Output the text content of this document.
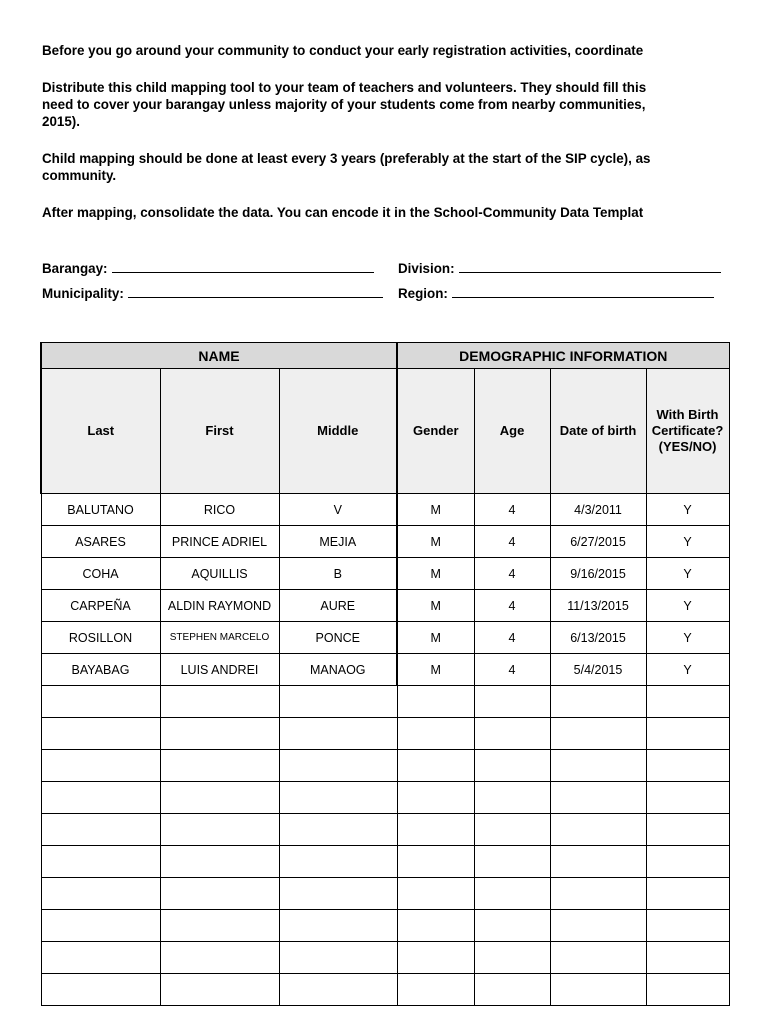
Before you go around your community to conduct your early registration activities, coordinate

Distribute this child mapping tool to your team of teachers and volunteers. They should fill this
need to cover your barangay unless majority of your students come from nearby communities,
2015).

Child mapping should be done at least every 3 years (preferably at the start of the SIP cycle), as
community.

After mapping, consolidate the data. You can encode it in the School-Community Data Templat

Barangay:	Division:
Municipality:	Region:
NAME			DEMOGRAPHIC INFORMATION			
Last	First	Middle	Gender	Age	Date of birth	With Birth Certificate? (YES/NO)
BALUTANO	RICO	V	M	4	4/3/2011	Y
ASARES	PRINCE ADRIEL	MEJIA	M	4	6/27/2015	Y
COHA	AQUILLIS	B	M	4	9/16/2015	Y
CARPEÑA	ALDIN RAYMOND	AURE	M	4	11/13/2015	Y
ROSILLON	STEPHEN MARCELO	PONCE	M	4	6/13/2015	Y
BAYABAG	LUIS ANDREI	MANAOG	M	4	5/4/2015	Y
